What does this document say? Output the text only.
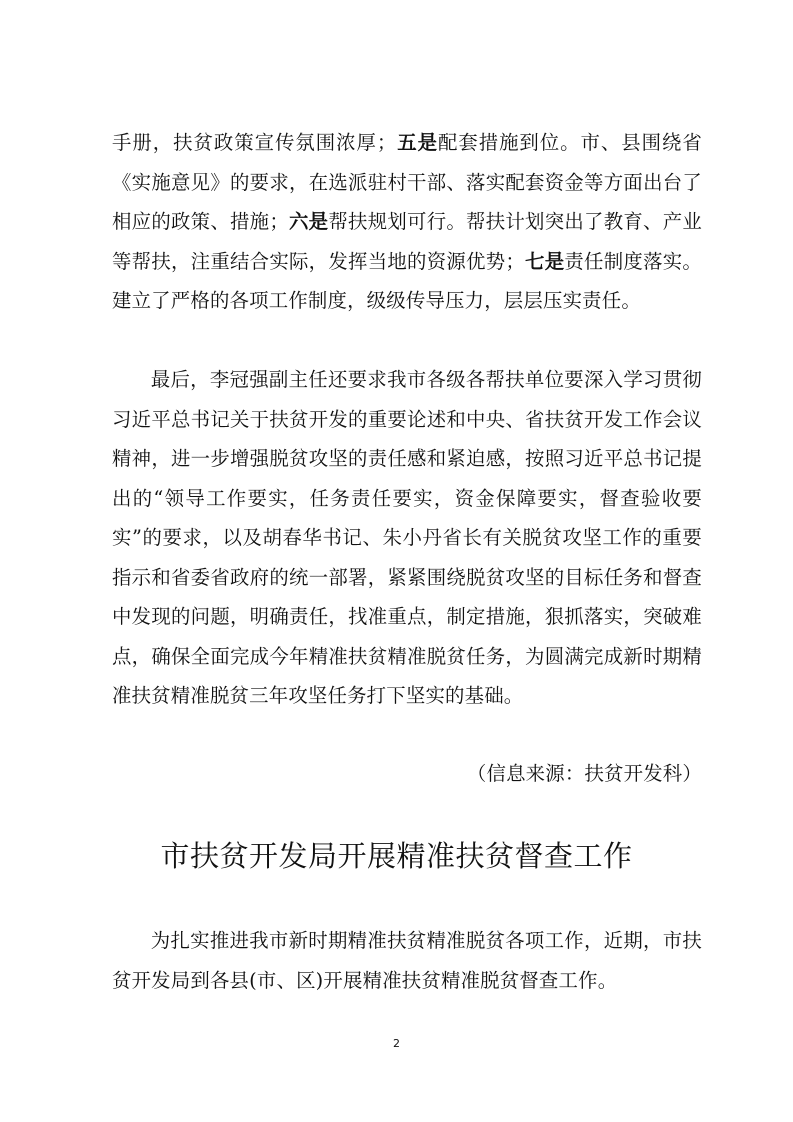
手册，扶贫政策宣传氛围浓厚；五是配套措施到位。市、县围绕省《实施意见》的要求，在选派驻村干部、落实配套资金等方面出台了相应的政策、措施；六是帮扶规划可行。帮扶计划突出了教育、产业等帮扶，注重结合实际，发挥当地的资源优势；七是责任制度落实。建立了严格的各项工作制度，级级传导压力，层层压实责任。

最后，李冠强副主任还要求我市各级各帮扶单位要深入学习贯彻习近平总书记关于扶贫开发的重要论述和中央、省扶贫开发工作会议精神，进一步增强脱贫攻坚的责任感和紧迫感，按照习近平总书记提出的“领导工作要实，任务责任要实，资金保障要实，督查验收要实”的要求，以及胡春华书记、朱小丹省长有关脱贫攻坚工作的重要指示和省委省政府的统一部署，紧紧围绕脱贫攻坚的目标任务和督查中发现的问题，明确责任，找准重点，制定措施，狠抓落实，突破难点，确保全面完成今年精准扶贫精准脱贫任务，为圆满完成新时期精准扶贫精准脱贫三年攻坚任务打下坚实的基础。

（信息来源：扶贫开发科）
市扶贫开发局开展精准扶贫督查工作

为扎实推进我市新时期精准扶贫精准脱贫各项工作，近期，市扶贫开发局到各县(市、区)开展精准扶贫精准脱贫督查工作。

2
